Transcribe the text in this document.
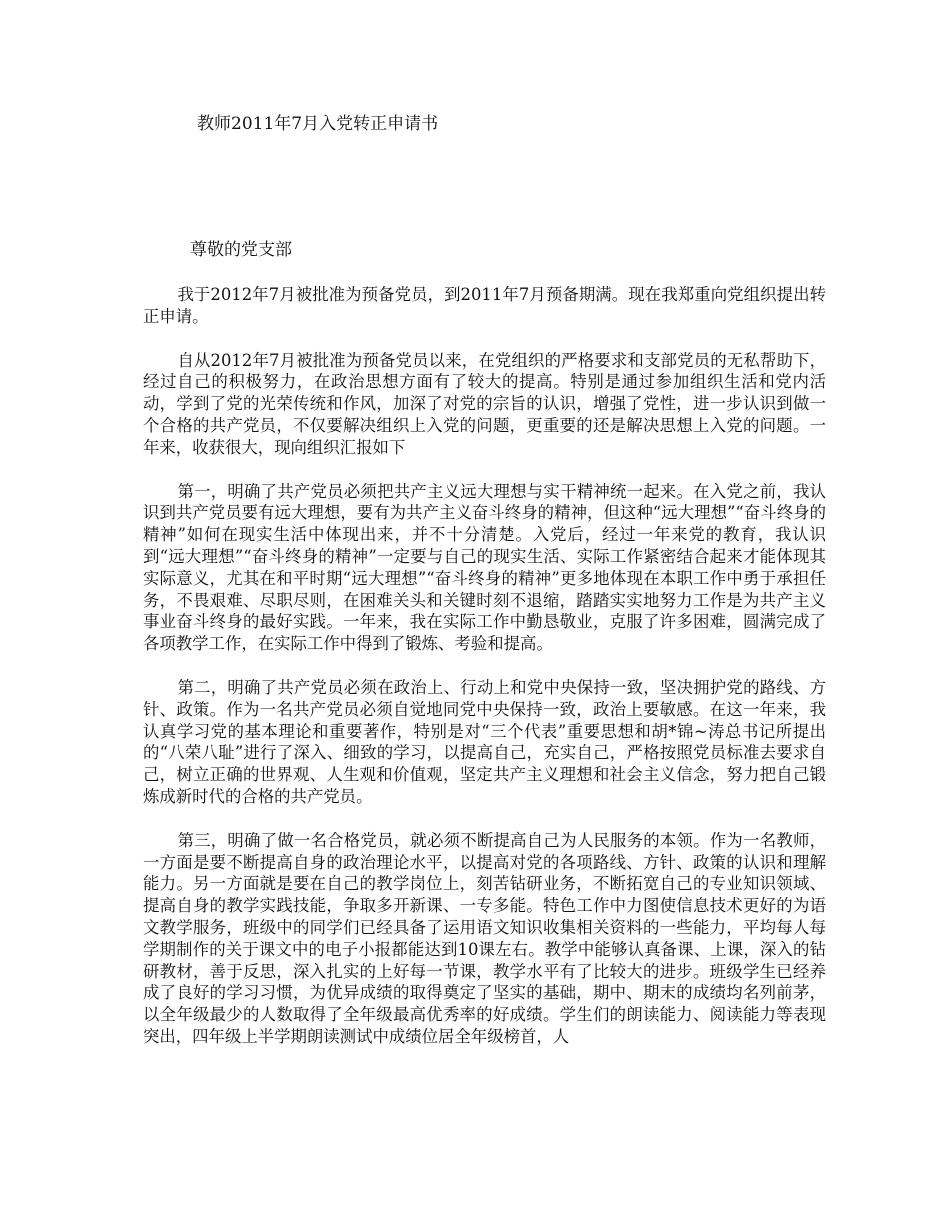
教师2011年7月入党转正申请书
尊敬的党支部

我于2012年7月被批准为预备党员，到2011年7月预备期满。现在我郑重向党组织提出转正申请。

自从2012年7月被批准为预备党员以来，在党组织的严格要求和支部党员的无私帮助下，经过自己的积极努力，在政治思想方面有了较大的提高。特别是通过参加组织生活和党内活动，学到了党的光荣传统和作风，加深了对党的宗旨的认识，增强了党性，进一步认识到做一个合格的共产党员，不仅要解决组织上入党的问题，更重要的还是解决思想上入党的问题。一年来，收获很大，现向组织汇报如下

第一，明确了共产党员必须把共产主义远大理想与实干精神统一起来。在入党之前，我认识到共产党员要有远大理想，要有为共产主义奋斗终身的精神，但这种“远大理想”“奋斗终身的精神”如何在现实生活中体现出来，并不十分清楚。入党后，经过一年来党的教育，我认识到“远大理想”“奋斗终身的精神”一定要与自己的现实生活、实际工作紧密结合起来才能体现其实际意义，尤其在和平时期“远大理想”“奋斗终身的精神”更多地体现在本职工作中勇于承担任务，不畏艰难、尽职尽则，在困难关头和关键时刻不退缩，踏踏实实地努力工作是为共产主义事业奋斗终身的最好实践。一年来，我在实际工作中勤恳敬业，克服了许多困难，圆满完成了各项教学工作，在实际工作中得到了锻炼、考验和提高。

第二，明确了共产党员必须在政治上、行动上和党中央保持一致，坚决拥护党的路线、方针、政策。作为一名共产党员必须自觉地同党中央保持一致，政治上要敏感。在这一年来，我认真学习党的基本理论和重要著作，特别是对“三个代表”重要思想和胡*锦~涛总书记所提出的“八荣八耻”进行了深入、细致的学习，以提高自己，充实自己，严格按照党员标准去要求自己，树立正确的世界观、人生观和价值观，坚定共产主义理想和社会主义信念，努力把自己锻炼成新时代的合格的共产党员。

第三，明确了做一名合格党员，就必须不断提高自己为人民服务的本领。作为一名教师，一方面是要不断提高自身的政治理论水平，以提高对党的各项路线、方针、政策的认识和理解能力。另一方面就是要在自己的教学岗位上，刻苦钻研业务，不断拓宽自己的专业知识领域、提高自身的教学实践技能，争取多开新课、一专多能。特色工作中力图使信息技术更好的为语文教学服务，班级中的同学们已经具备了运用语文知识收集相关资料的一些能力，平均每人每学期制作的关于课文中的电子小报都能达到10课左右。教学中能够认真备课、上课，深入的钻研教材，善于反思，深入扎实的上好每一节课，教学水平有了比较大的进步。班级学生已经养成了良好的学习习惯，为优异成绩的取得奠定了坚实的基础，期中、期末的成绩均名列前茅，以全年级最少的人数取得了全年级最高优秀率的好成绩。学生们的朗读能力、阅读能力等表现突出，四年级上半学期朗读测试中成绩位居全年级榜首，人
